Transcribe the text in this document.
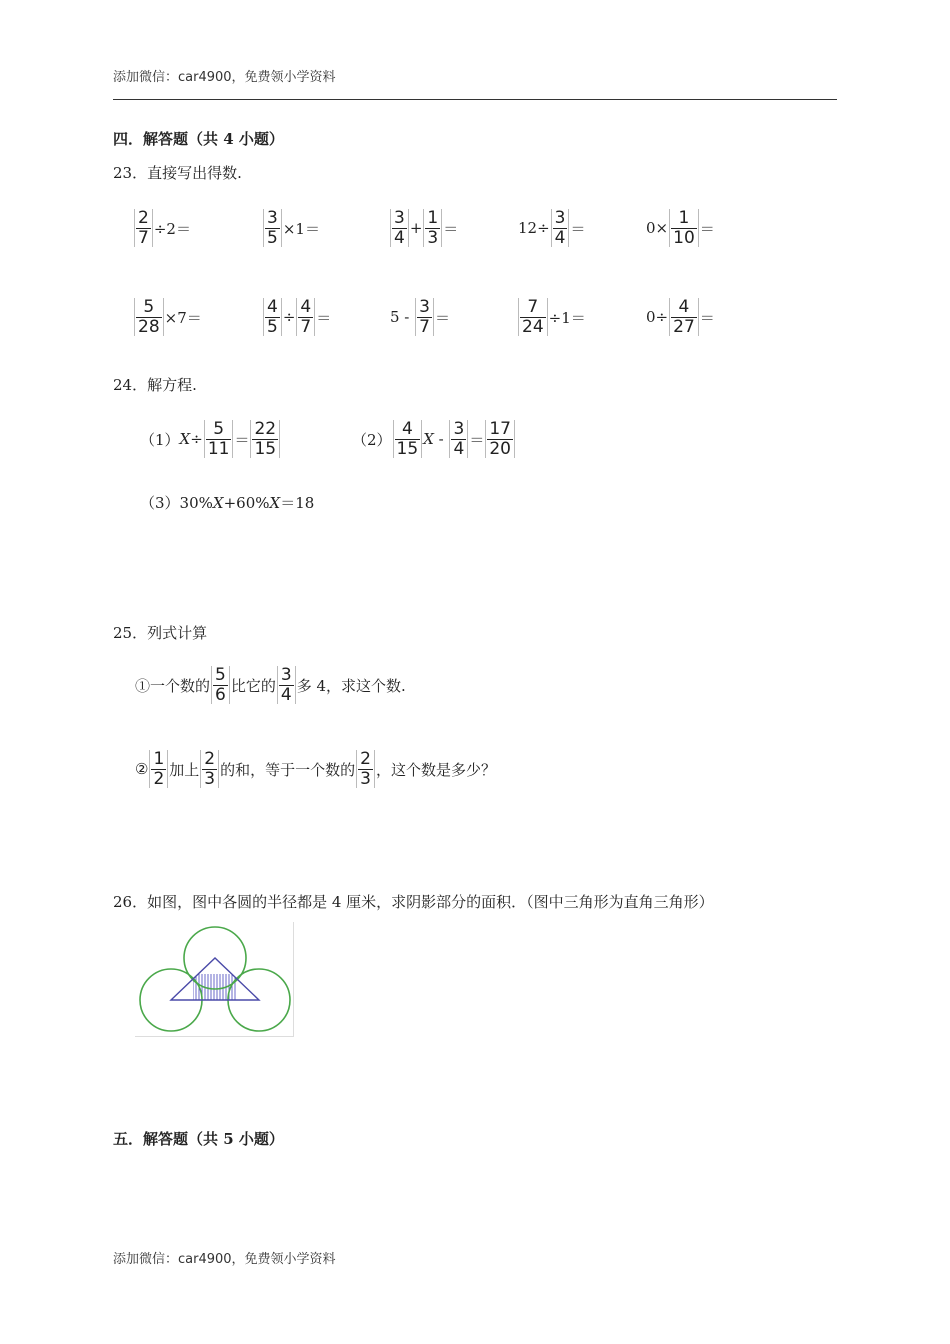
添加微信：car4900，免费领小学资料
四．解答题（共 4 小题）
23．直接写出得数.
$\frac{2}{7} \div 2=$	$\frac{3}{5} \times 1=$	$\frac{3}{4} + \frac{1}{3}$ ＝	$12\div \frac{3}{4}$ ＝	$0\times \frac{1}{10}$ ＝
$\frac{5}{28} \times 7=$	$\frac{4}{5} \div \frac{4}{7}$ ＝	$5 - \frac{3}{7}$ ＝	$\frac{7}{24} \div 1=$	$0\div \frac{4}{27}$ ＝
24．解方程.
（1） $X \div \frac{5}{11} = \frac{22}{15}$	$(2) \frac{4}{15}$ $X - \frac{3}{4} = \frac{17}{20}$
（3） 30% X +60% X ＝18
25．列式计算
①一个数的 $\frac{5}{6}$ 比它的 $\frac{3}{4}$ 多 4，求这个数.
② $\frac{1}{2}$ 加上 $\frac{2}{3}$ 的和，等于一个数的 $\frac{2}{3}$ ，这个数是多少？
26．如图，图中各圆的半径都是 4 厘米，求阴影部分的面积．（图中三角形为直角三角形）
五．解答题（共 5 小题）
添加微信：car4900，免费领小学资料
